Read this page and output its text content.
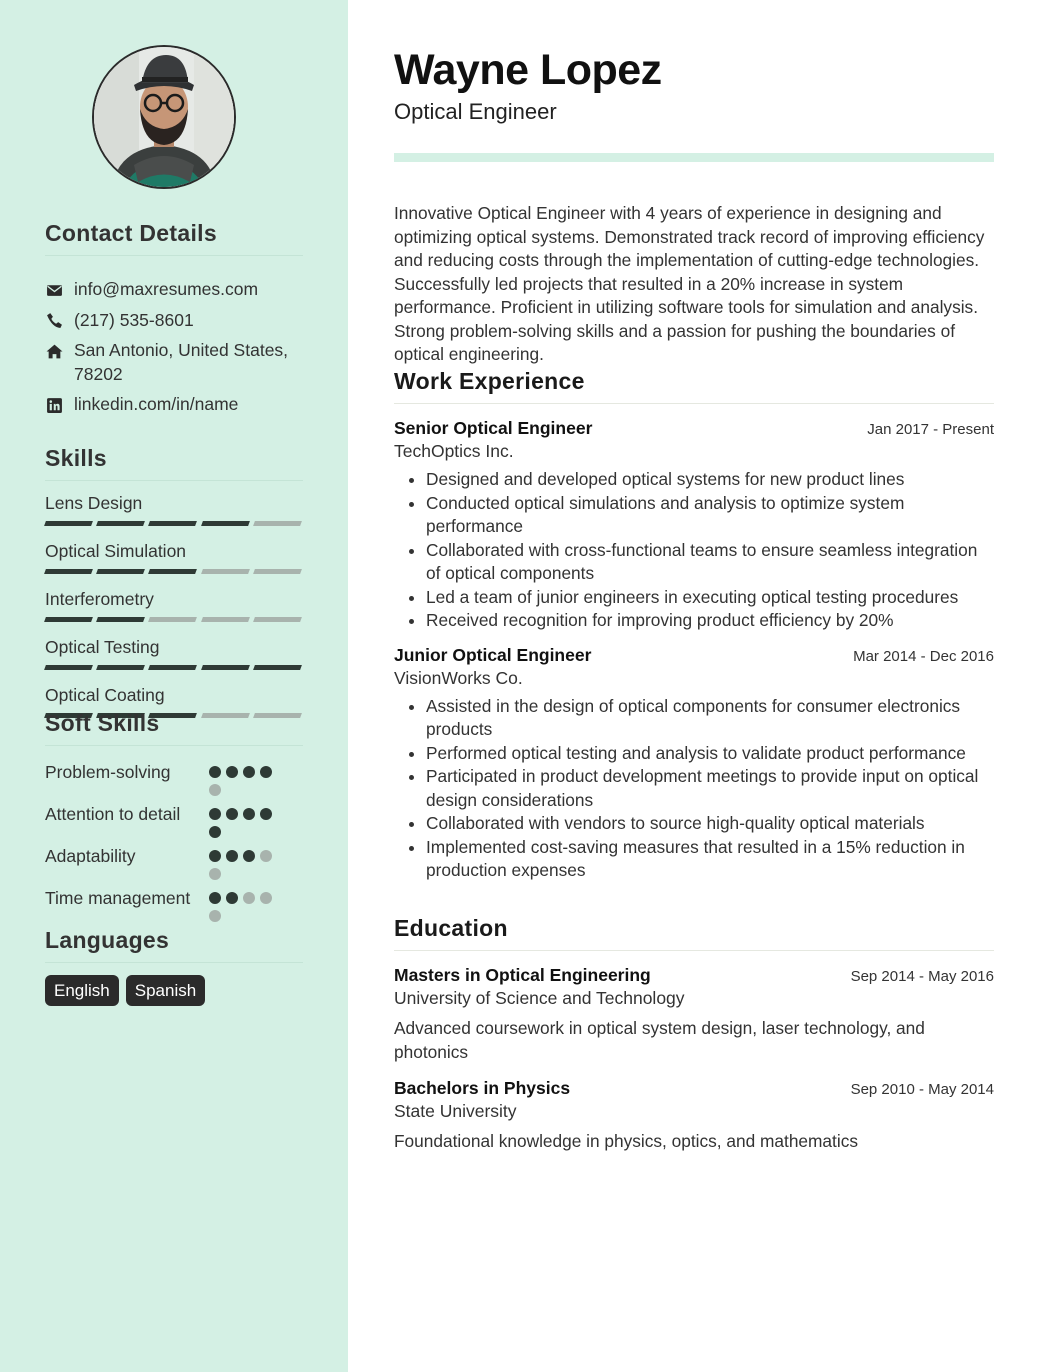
Contact Details
info@maxresumes.com
(217) 535-8601
San Antonio, United States, 78202
linkedin.com/in/name
Skills
Lens Design
Optical Simulation
Interferometry
Optical Testing
Optical Coating
Soft Skills
Problem-solving
Attention to detail
Adaptability
Time management
Languages
English	Spanish
Wayne Lopez
Optical Engineer

Innovative Optical Engineer with 4 years of experience in designing and optimizing optical systems. Demonstrated track record of improving efficiency and reducing costs through the implementation of cutting-edge technologies. Successfully led projects that resulted in a 20% increase in system performance. Proficient in utilizing software tools for simulation and analysis. Strong problem-solving skills and a passion for pushing the boundaries of optical engineering.

Work Experience
Senior Optical Engineer	Jan 2017 - Present
TechOptics Inc.
• Designed and developed optical systems for new product lines
• Conducted optical simulations and analysis to optimize system performance
• Collaborated with cross-functional teams to ensure seamless integration of optical components
• Led a team of junior engineers in executing optical testing procedures
• Received recognition for improving product efficiency by 20%
Junior Optical Engineer	Mar 2014 - Dec 2016
VisionWorks Co.
• Assisted in the design of optical components for consumer electronics products
• Performed optical testing and analysis to validate product performance
• Participated in product development meetings to provide input on optical design considerations
• Collaborated with vendors to source high-quality optical materials
• Implemented cost-saving measures that resulted in a 15% reduction in production expenses
Education
Masters in Optical Engineering	Sep 2014 - May 2016
University of Science and Technology
Advanced coursework in optical system design, laser technology, and photonics
Bachelors in Physics	Sep 2010 - May 2014
State University
Foundational knowledge in physics, optics, and mathematics
